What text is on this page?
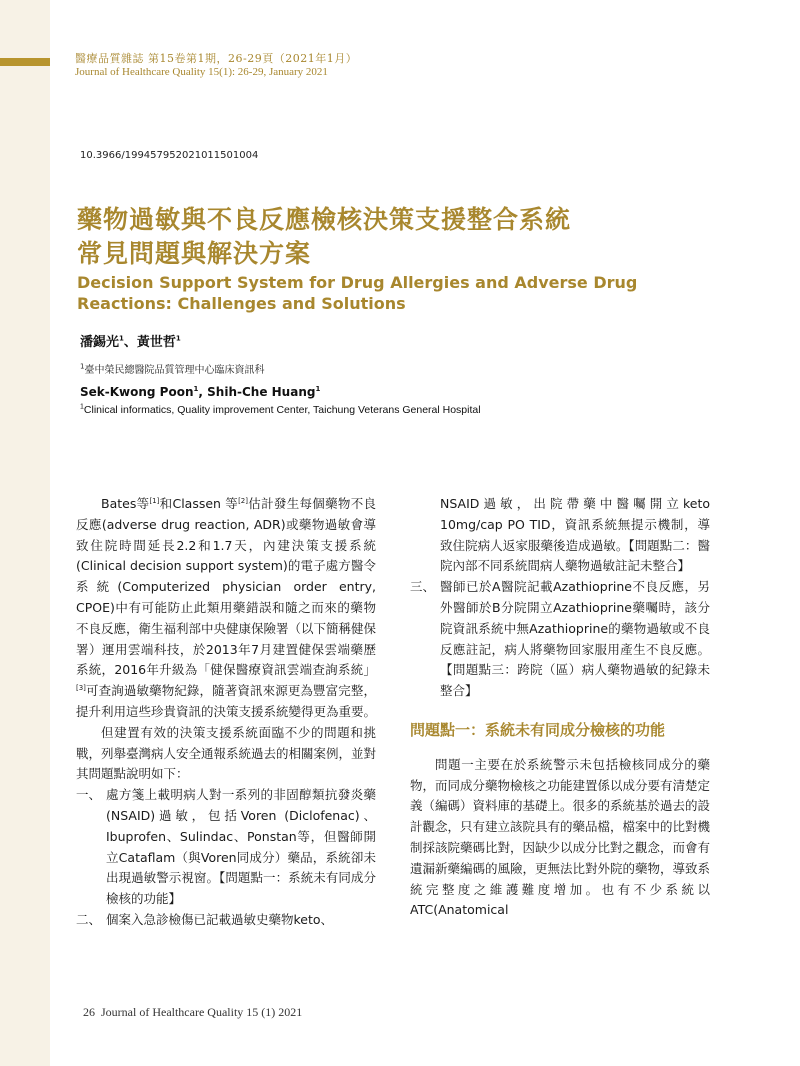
醫療品質雜誌 第15卷第1期，26-29頁（2021年1月）
Journal of Healthcare Quality 15(1): 26-29, January 2021
10.3966/199457952021011501004
藥物過敏與不良反應檢核決策支援整合系統
常見問題與解決方案
Decision Support System for Drug Allergies and Adverse Drug Reactions: Challenges and Solutions
潘錫光$^1$、黃世哲$^1$
$^1$臺中榮民總醫院品質管理中心臨床資訊科
Sek-Kwong Poon$^1$, Shih-Che Huang$^1$
$^1$Clinical informatics, Quality improvement Center, Taichung Veterans General Hospital

Bates等[1]和Classen 等[2]估計發生每個藥物不良反應(adverse drug reaction, ADR)或藥物過敏會導致住院時間延長2.2和1.7天，內建決策支援系統(Clinical decision support system)的電子處方醫令系統(Computerized physician order entry, CPOE)中有可能防止此類用藥錯誤和隨之而來的藥物不良反應，衛生福利部中央健康保險署（以下簡稱健保署）運用雲端科技，於2013年7月建置健保雲端藥歷系統，2016年升級為「健保醫療資訊雲端查詢系統」[3]可查詢過敏藥物紀錄，隨著資訊來源更為豐富完整，提升利用這些珍貴資訊的決策支援系統變得更為重要。

但建置有效的決策支援系統面臨不少的問題和挑戰，列舉臺灣病人安全通報系統過去的相關案例，並對其問題點說明如下：

一、 處方箋上載明病人對一系列的非固醇類抗發炎藥(NSAID)過敏，包括Voren (Diclofenac)、Ibuprofen、Sulindac、Ponstan等，但醫師開立Cataflam（與Voren同成分）藥品，系統卻未出現過敏警示視窗。【問題點一：系統未有同成分檢核的功能】
二、 個案入急診檢傷已記載過敏史藥物keto、

NSAID過敏，出院帶藥中醫囑開立keto 10mg/cap PO TID，資訊系統無提示機制，導致住院病人返家服藥後造成過敏。【問題點二：醫院內部不同系統間病人藥物過敏註記未整合】

三、 醫師已於A醫院記載Azathioprine不良反應，另外醫師於B分院開立Azathioprine藥囑時，該分院資訊系統中無Azathioprine的藥物過敏或不良反應註記，病人將藥物回家服用產生不良反應。【問題點三：跨院（區）病人藥物過敏的紀錄未整合】
問題點一：系統未有同成分檢核的功能

問題一主要在於系統警示未包括檢核同成分的藥物，而同成分藥物檢核之功能建置係以成分要有清楚定義（編碼）資料庫的基礎上。很多的系統基於過去的設計觀念，只有建立該院具有的藥品檔，檔案中的比對機制採該院藥碼比對，因缺少以成分比對之觀念，而會有遺漏新藥編碼的風險，更無法比對外院的藥物，導致系統完整度之維護難度增加。也有不少系統以ATC(Anatomical

26 Journal of Healthcare Quality 15 (1) 2021
